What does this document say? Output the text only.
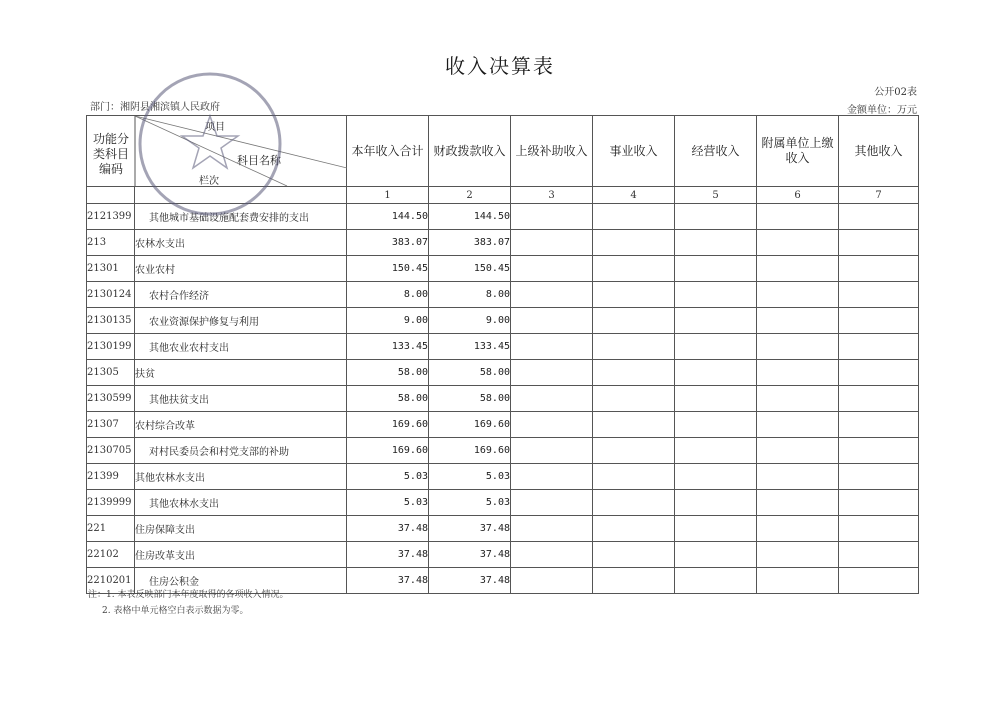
收入决算表
公开02表
部门：湘阴县湘滨镇人民政府	金额单位：万元
功能分类科目编码
项目
科目名称
栏次		本年收入合计	财政拨款收入	上级补助收入	事业收入	经营收入	附属单位上缴收入	其他收入
		1	2	3	4	5	6	7
2121399	其他城市基础设施配套费安排的支出	144.50	144.50					
213	农林水支出	383.07	383.07					
21301	农业农村	150.45	150.45					
2130124	农村合作经济	8.00	8.00					
2130135	农业资源保护修复与利用	9.00	9.00					
2130199	其他农业农村支出	133.45	133.45					
21305	扶贫	58.00	58.00					
2130599	其他扶贫支出	58.00	58.00					
21307	农村综合改革	169.60	169.60					
2130705	对村民委员会和村党支部的补助	169.60	169.60					
21399	其他农林水支出	5.03	5.03					
2139999	其他农林水支出	5.03	5.03					
221	住房保障支出	37.48	37.48					
22102	住房改革支出	37.48	37.48					
2210201	住房公积金	37.48	37.48					
注：1. 本表反映部门本年度取得的各项收入情况。
2. 表格中单元格空白表示数据为零。
